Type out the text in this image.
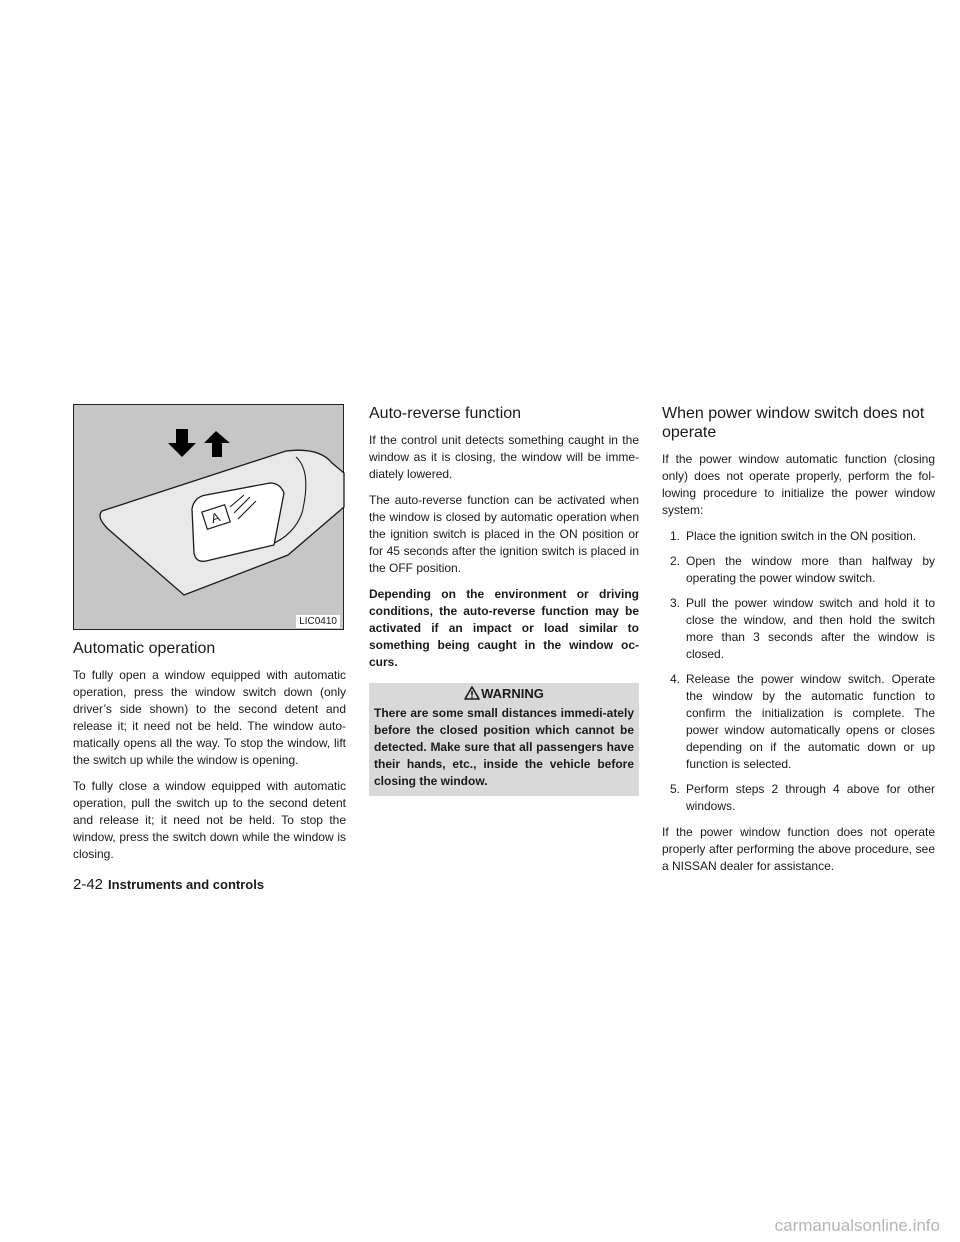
A
LIC0410
Automatic operation

To fully open a window equipped with automatic operation, press the window switch down (only driver’s side shown) to the second detent and release it; it need not be held. The window auto-matically opens all the way. To stop the window, lift the switch up while the window is opening.

To fully close a window equipped with automatic operation, pull the switch up to the second detent and release it; it need not be held. To stop the window, press the switch down while the window is closing.

Auto-reverse function

If the control unit detects something caught in the window as it is closing, the window will be imme-diately lowered.

The auto-reverse function can be activated when the window is closed by automatic operation when the ignition switch is placed in the ON position or for 45 seconds after the ignition switch is placed in the OFF position.

Depending on the environment or driving conditions, the auto-reverse function may be activated if an impact or load similar to something being caught in the window oc-curs.

WARNING
There are some small distances immedi-ately before the closed position which cannot be detected. Make sure that all passengers have their hands, etc., inside the vehicle before closing the window.
When power window switch does not operate

If the power window automatic function (closing only) does not operate properly, perform the fol-lowing procedure to initialize the power window system:

1. Place the ignition switch in the ON position.
2. Open the window more than halfway by operating the power window switch.
3. Pull the power window switch and hold it to close the window, and then hold the switch more than 3 seconds after the window is closed.
4. Release the power window switch. Operate the window by the automatic function to confirm the initialization is complete. The power window automatically opens or closes depending on if the automatic down or up function is selected.
5. Perform steps 2 through 4 above for other windows.

If the power window function does not operate properly after performing the above procedure, see a NISSAN dealer for assistance.

2-42 Instruments and controls
carmanualsonline.info
